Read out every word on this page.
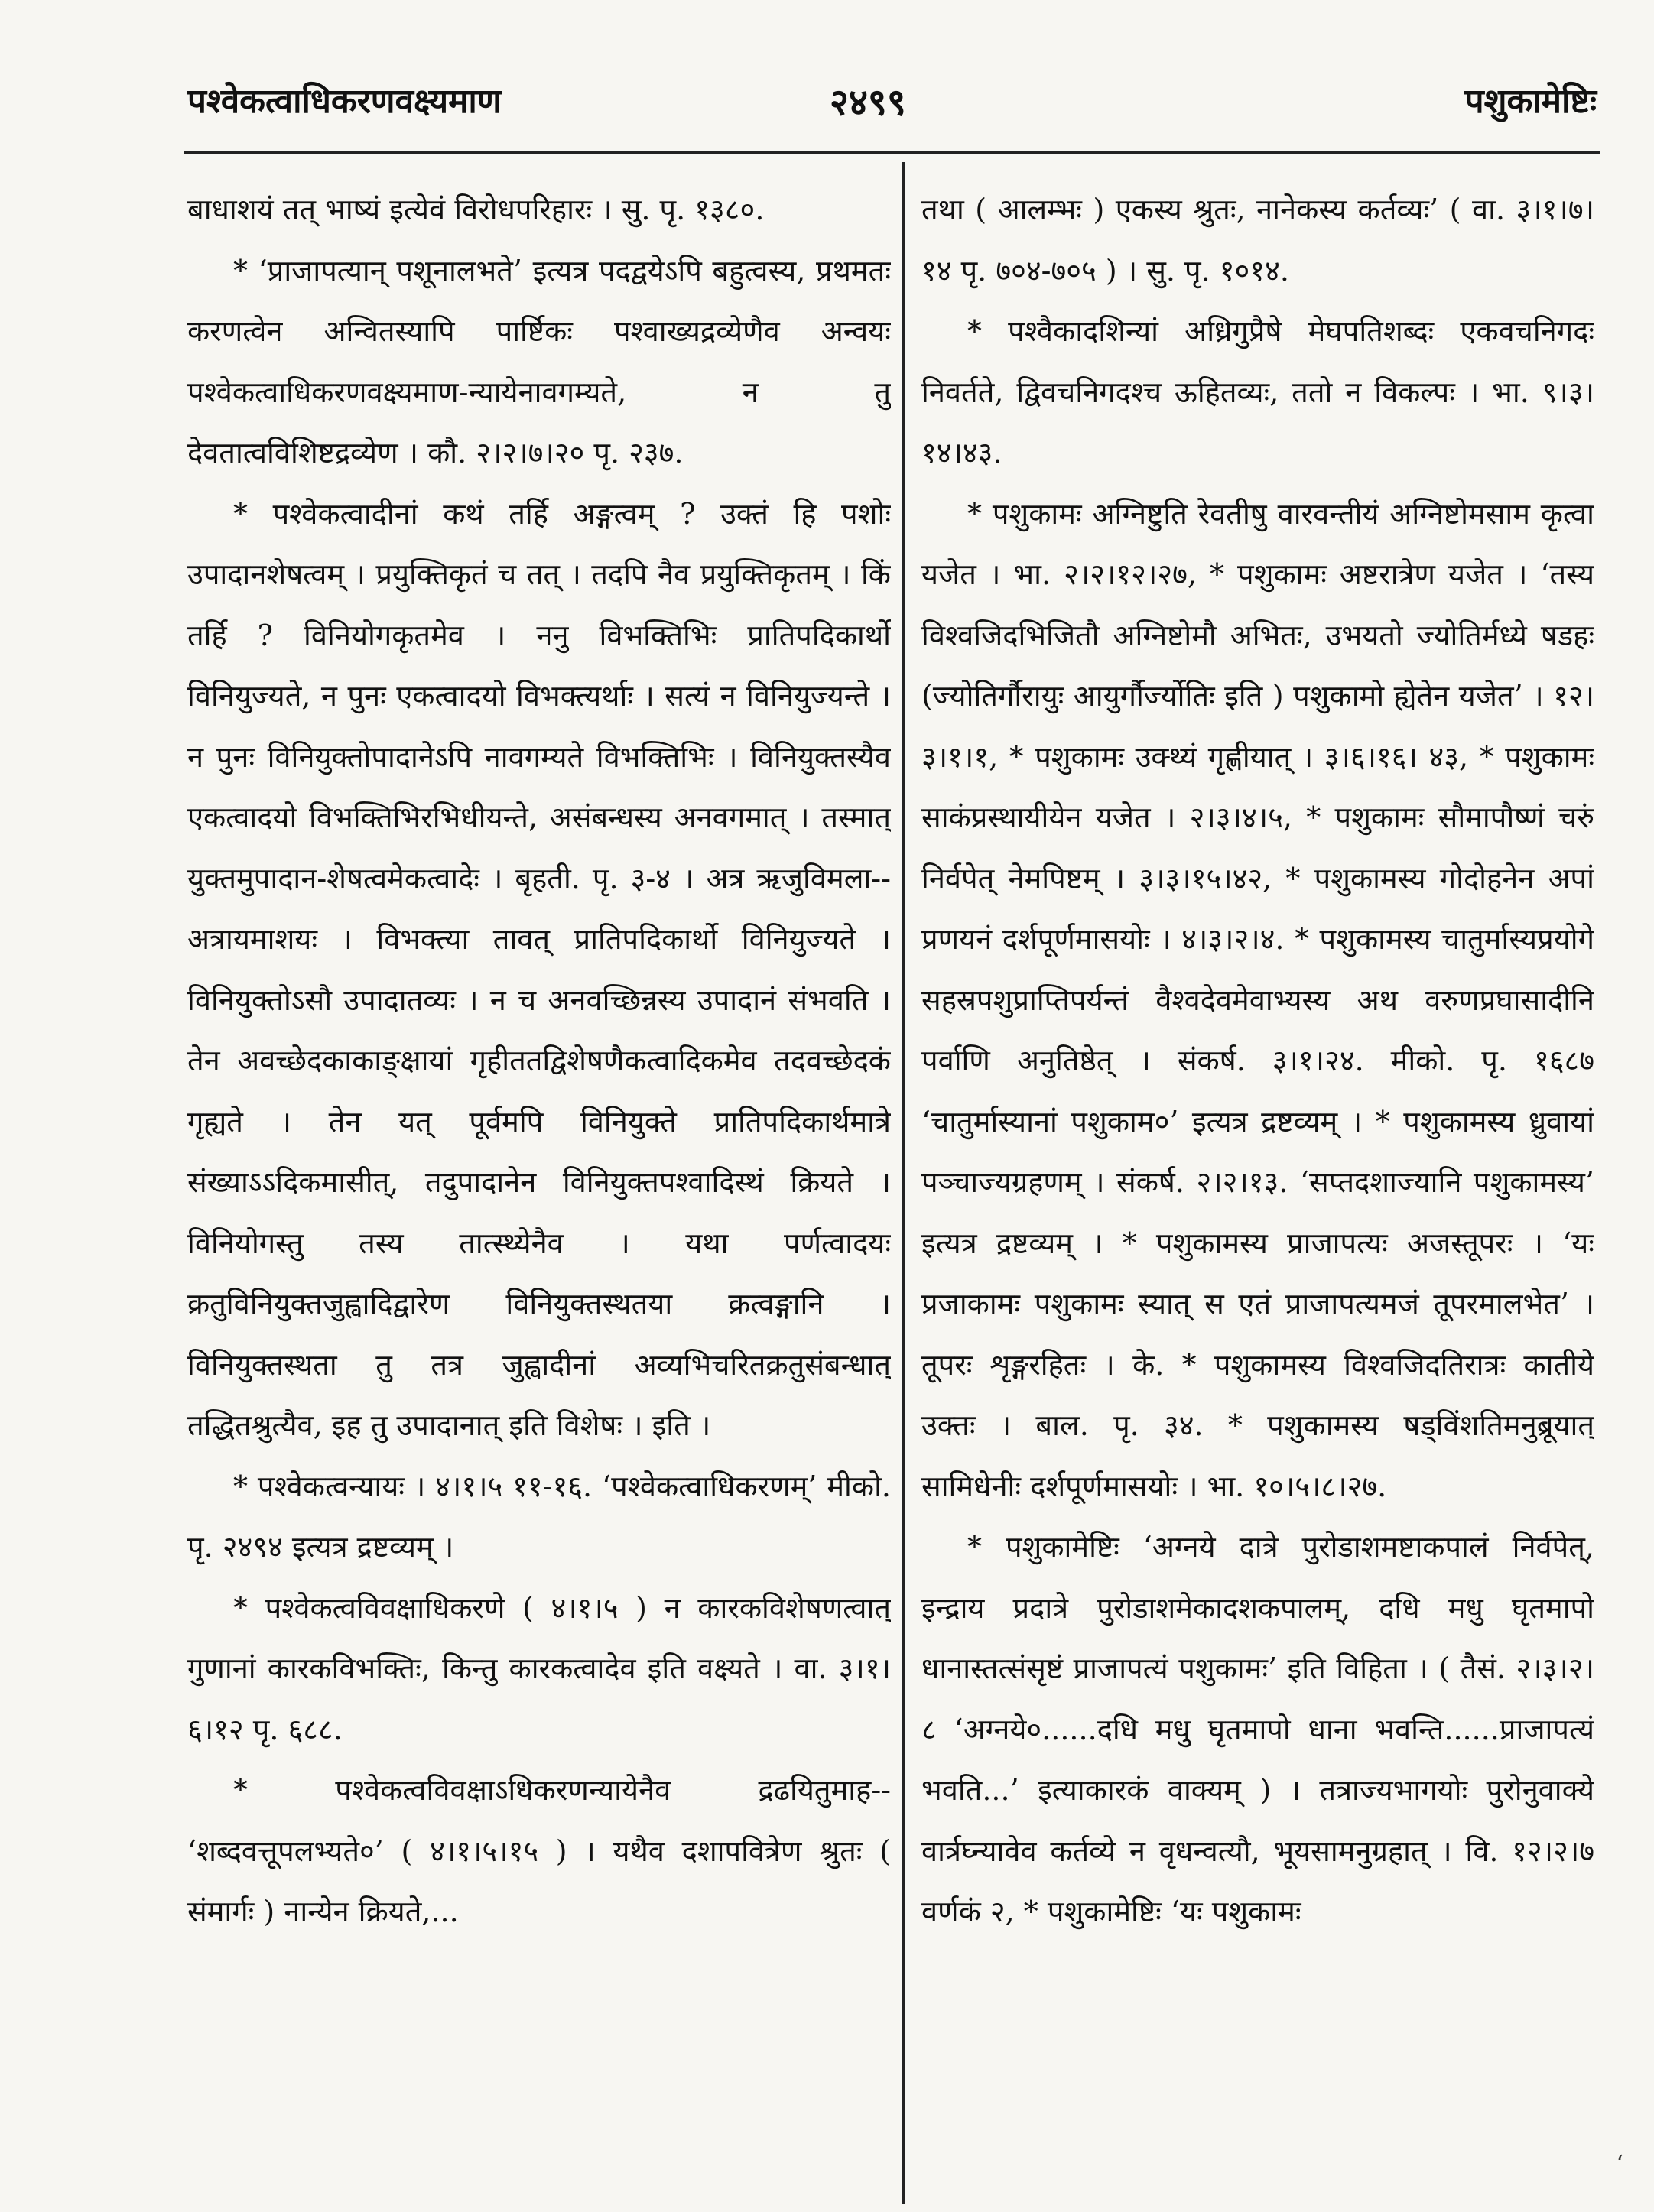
पश्वेकत्वाधिकरणवक्ष्यमाण	२४९९	पशुकामेष्टिः

बाधाशयं तत् भाष्यं इत्येवं विरोधपरिहारः । सु. पृ. १३८०.

* ‘प्राजापत्यान् पशूनालभते’ इत्यत्र पदद्वयेऽपि बहुत्वस्य, प्रथमतः करणत्वेन अन्वितस्यापि पार्ष्टिकः पश्वाख्यद्रव्येणैव अन्वयः पश्वेकत्वाधिकरणवक्ष्यमाण-न्यायेनावगम्यते, न तु देवतात्वविशिष्टद्रव्येण । कौ. २।२।७।२० पृ. २३७.

* पश्वेकत्वादीनां कथं तर्हि अङ्गत्वम् ? उक्तं हि पशोः उपादानशेषत्वम् । प्रयुक्तिकृतं च तत् । तदपि नैव प्रयुक्तिकृतम् । किं तर्हि ? विनियोगकृतमेव । ननु विभक्तिभिः प्रातिपदिकार्थो विनियुज्यते, न पुनः एकत्वादयो विभक्त्यर्थाः । सत्यं न विनियुज्यन्ते । न पुनः विनियुक्तोपादानेऽपि नावगम्यते विभक्तिभिः । विनियुक्तस्यैव एकत्वादयो विभक्तिभिरभिधीयन्ते, असंबन्धस्य अनवगमात् । तस्मात् युक्तमुपादान-शेषत्वमेकत्वादेः । बृहती. पृ. ३-४ । अत्र ऋजुविमला-- अत्रायमाशयः । विभक्त्या तावत् प्रातिपदिकार्थो विनियुज्यते । विनियुक्तोऽसौ उपादातव्यः । न च अनवच्छिन्नस्य उपादानं संभवति । तेन अवच्छेदकाकाङ्क्षायां गृहीततद्विशेषणैकत्वादिकमेव तदवच्छेदकं गृह्यते । तेन यत् पूर्वमपि विनियुक्ते प्रातिपदिकार्थमात्रे संख्याऽऽदिकमासीत्, तदुपादानेन विनियुक्तपश्वादिस्थं क्रियते । विनियोगस्तु तस्य तात्स्थ्येनैव । यथा पर्णत्वादयः क्रतुविनियुक्तजुह्वादिद्वारेण विनियुक्तस्थतया क्रत्वङ्गानि । विनियुक्तस्थता तु तत्र जुह्वादीनां अव्यभिचरितक्रतुसंबन्धात् तद्धितश्रुत्यैव, इह तु उपादानात् इति विशेषः । इति ।

* पश्वेकत्वन्यायः । ४।१।५ ११-१६. ‘पश्वेकत्वाधिकरणम्’ मीको. पृ. २४९४ इत्यत्र द्रष्टव्यम् ।

* पश्वेकत्वविवक्षाधिकरणे ( ४।१।५ ) न कारकविशेषणत्वात् गुणानां कारकविभक्तिः, किन्तु कारकत्वादेव इति वक्ष्यते । वा. ३।१।६।१२ पृ. ६८८.

* पश्वेकत्वविवक्षाऽधिकरणन्यायेनैव द्रढयितुमाह-- ‘शब्दवत्तूपलभ्यते०’ ( ४।१।५।१५ ) । यथैव दशापवित्रेण श्रुतः ( संमार्गः ) नान्येन क्रियते,...

तथा ( आलम्भः ) एकस्य श्रुतः, नानेकस्य कर्तव्यः’ ( वा. ३।१।७।१४ पृ. ७०४-७०५ ) । सु. पृ. १०१४.

* पश्वैकादशिन्यां अध्रिगुप्रैषे मेघपतिशब्दः एकवचनिगदः निवर्तते, द्विवचनिगदश्च ऊहितव्यः, ततो न विकल्पः । भा. ९।३।१४।४३.

* पशुकामः अग्निष्टुति रेवतीषु वारवन्तीयं अग्निष्टोमसाम कृत्वा यजेत । भा. २।२।१२।२७, * पशुकामः अष्टरात्रेण यजेत । ‘तस्य विश्वजिदभिजितौ अग्निष्टोमौ अभितः, उभयतो ज्योतिर्मध्ये षडहः (ज्योतिर्गौरायुः आयुर्गौर्ज्योतिः इति ) पशुकामो ह्येतेन यजेत’ । १२।३।१।१, * पशुकामः उक्थ्यं गृह्णीयात् । ३।६।१६। ४३, * पशुकामः साकंप्रस्थायीयेन यजेत । २।३।४।५, * पशुकामः सौमापौष्णं चरुं निर्वपेत् नेमपिष्टम् । ३।३।१५।४२, * पशुकामस्य गोदोहनेन अपां प्रणयनं दर्शपूर्णमासयोः । ४।३।२।४. * पशुकामस्य चातुर्मास्यप्रयोगे सहस्रपशुप्राप्तिपर्यन्तं वैश्वदेवमेवाभ्यस्य अथ वरुणप्रघासादीनि पर्वाणि अनुतिष्ठेत् । संकर्ष. ३।१।२४. मीको. पृ. १६८७ ‘चातुर्मास्यानां पशुकाम०’ इत्यत्र द्रष्टव्यम् । * पशुकामस्य ध्रुवायां पञ्चाज्यग्रहणम् । संकर्ष. २।२।१३. ‘सप्तदशाज्यानि पशुकामस्य’ इत्यत्र द्रष्टव्यम् । * पशुकामस्य प्राजापत्यः अजस्तूपरः । ‘यः प्रजाकामः पशुकामः स्यात् स एतं प्राजापत्यमजं तूपरमालभेत’ । तूपरः शृङ्गरहितः । के. * पशुकामस्य विश्वजिदतिरात्रः कातीये उक्तः । बाल. पृ. ३४. * पशुकामस्य षड्विंशतिमनुब्रूयात् सामिधेनीः दर्शपूर्णमासयोः । भा. १०।५।८।२७.

* पशुकामेष्टिः ‘अग्नये दात्रे पुरोडाशमष्टाकपालं निर्वपेत्, इन्द्राय प्रदात्रे पुरोडाशमेकादशकपालम्, दधि मधु घृतमापो धानास्तत्संसृष्टं प्राजापत्यं पशुकामः’ इति विहिता । ( तैसं. २।३।२।८ ‘अग्नये०......दधि मधु घृतमापो धाना भवन्ति......प्राजापत्यं भवति...’ इत्याकारकं वाक्यम् ) । तत्राज्यभागयोः पुरोनुवाक्ये वार्त्रघ्न्यावेव कर्तव्ये न वृधन्वत्यौ, भूयसामनुग्रहात् । वि. १२।२।७ वर्णकं २, * पशुकामेष्टिः ‘यः पशुकामः

‘
